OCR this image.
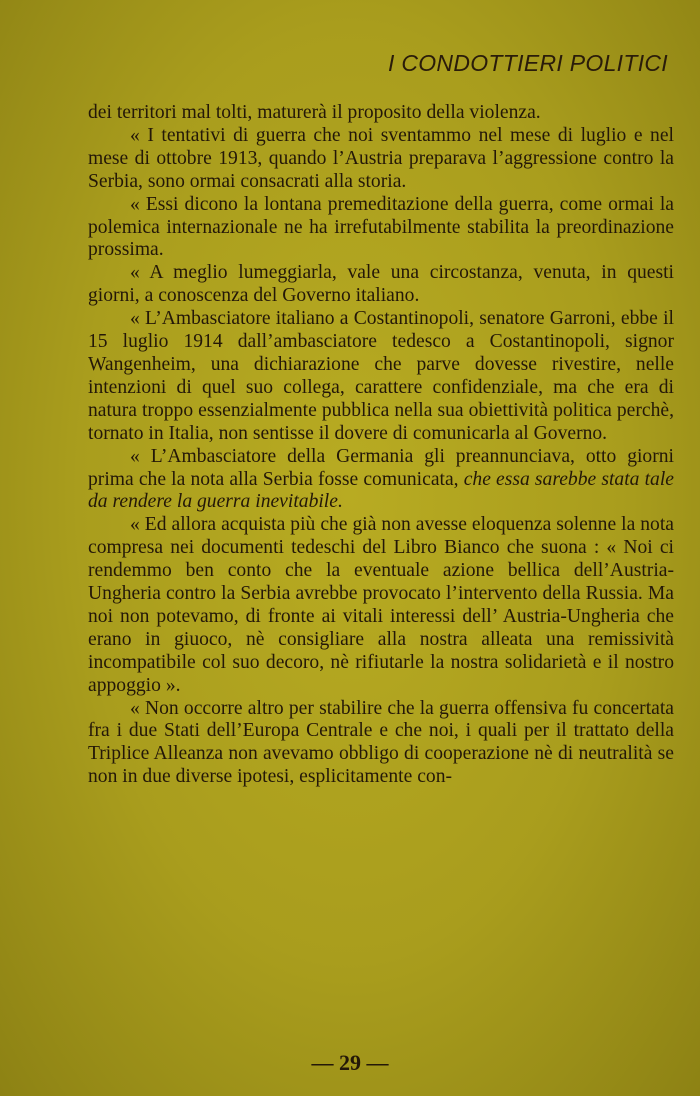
I CONDOTTIERI POLITICI

dei territori mal tolti, maturerà il proposito della violenza.

« I tentativi di guerra che noi sventammo nel mese di luglio e nel mese di ottobre 1913, quando l’Austria preparava l’aggressione contro la Serbia, sono ormai consacrati alla storia.

« Essi dicono la lontana premeditazione della guerra, come ormai la polemica internazionale ne ha irrefutabilmente stabilita la preordinazione prossima.

« A meglio lumeggiarla, vale una circostanza, venuta, in questi giorni, a conoscenza del Governo italiano.

« L’Ambasciatore italiano a Costantinopoli, senatore Garroni, ebbe il 15 luglio 1914 dall’ambasciatore tedesco a Costantinopoli, signor Wangenheim, una dichiarazione che parve dovesse rivestire, nelle intenzioni di quel suo collega, carattere confidenziale, ma che era di natura troppo essenzialmente pubblica nella sua obiettività politica perchè, tornato in Italia, non sentisse il dovere di comunicarla al Governo.

« L’Ambasciatore della Germania gli preannunciava, otto giorni prima che la nota alla Serbia fosse comunicata, che essa sarebbe stata tale da rendere la guerra inevitabile.

« Ed allora acquista più che già non avesse eloquenza solenne la nota compresa nei documenti tedeschi del Libro Bianco che suona : « Noi ci rendemmo ben conto che la eventuale azione bellica dell’Austria-Ungheria contro la Serbia avrebbe provocato l’intervento della Russia. Ma noi non potevamo, di fronte ai vitali interessi dell’ Austria-Ungheria che erano in giuoco, nè consigliare alla nostra alleata una remissività incompatibile col suo decoro, nè rifiutarle la nostra solidarietà e il nostro appoggio ».

« Non occorre altro per stabilire che la guerra offensiva fu concertata fra i due Stati dell’Europa Centrale e che noi, i quali per il trattato della Triplice Alleanza non avevamo obbligo di cooperazione nè di neutralità se non in due diverse ipotesi, esplicitamente con-

— 29 —
